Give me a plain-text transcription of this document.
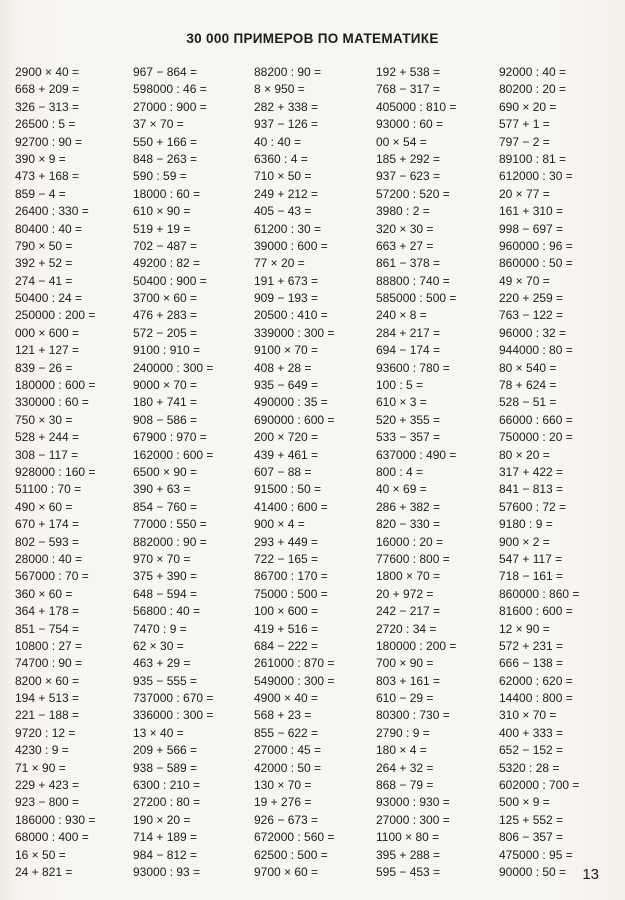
30 000 ПРИМЕРОВ ПО МАТЕМАТИКЕ
2900 × 40 =
668 + 209 =
326 − 313 =
26500 : 5 =
92700 : 90 =
390 × 9 =
473 + 168 =
859 − 4 =
26400 : 330 =
80400 : 40 =
790 × 50 =
392 + 52 =
274 − 41 =
50400 : 24 =
250000 : 200 =
000 × 600 =
121 + 127 =
839 − 26 =
180000 : 600 =
330000 : 60 =
750 × 30 =
528 + 244 =
308 − 117 =
928000 : 160 =
51100 : 70 =
490 × 60 =
670 + 174 =
802 − 593 =
28000 : 40 =
567000 : 70 =
360 × 60 =
364 + 178 =
851 − 754 =
10800 : 27 =
74700 : 90 =
8200 × 60 =
194 + 513 =
221 − 188 =
9720 : 12 =
4230 : 9 =
71 × 90 =
229 + 423 =
923 − 800 =
186000 : 930 =
68000 : 400 =
16 × 50 =
24 + 821 =
967 − 864 =
598000 : 46 =
27000 : 900 =
37 × 70 =
550 + 166 =
848 − 263 =
590 : 59 =
18000 : 60 =
610 × 90 =
519 + 19 =
702 − 487 =
49200 : 82 =
50400 : 900 =
3700 × 60 =
476 + 283 =
572 − 205 =
9100 : 910 =
240000 : 300 =
9000 × 70 =
180 + 741 =
908 − 586 =
67900 : 970 =
162000 : 600 =
6500 × 90 =
390 + 63 =
854 − 760 =
77000 : 550 =
882000 : 90 =
970 × 70 =
375 + 390 =
648 − 594 =
56800 : 40 =
7470 : 9 =
62 × 30 =
463 + 29 =
935 − 555 =
737000 : 670 =
336000 : 300 =
13 × 40 =
209 + 566 =
938 − 589 =
6300 : 210 =
27200 : 80 =
190 × 20 =
714 + 189 =
984 − 812 =
93000 : 93 =
88200 : 90 =
8 × 950 =
282 + 338 =
937 − 126 =
40 : 40 =
6360 : 4 =
710 × 50 =
249 + 212 =
405 − 43 =
61200 : 30 =
39000 : 600 =
77 × 20 =
191 + 673 =
909 − 193 =
20500 : 410 =
339000 : 300 =
9100 × 70 =
408 + 28 =
935 − 649 =
490000 : 35 =
690000 : 600 =
200 × 720 =
439 + 461 =
607 − 88 =
91500 : 50 =
41400 : 600 =
900 × 4 =
293 + 449 =
722 − 165 =
86700 : 170 =
75000 : 500 =
100 × 600 =
419 + 516 =
684 − 222 =
261000 : 870 =
549000 : 300 =
4900 × 40 =
568 + 23 =
855 − 622 =
27000 : 45 =
42000 : 50 =
130 × 70 =
19 + 276 =
926 − 673 =
672000 : 560 =
62500 : 500 =
9700 × 60 =
192 + 538 =
768 − 317 =
405000 : 810 =
93000 : 60 =
00 × 54 =
185 + 292 =
937 − 623 =
57200 : 520 =
3980 : 2 =
320 × 30 =
663 + 27 =
861 − 378 =
88800 : 740 =
585000 : 500 =
240 × 8 =
284 + 217 =
694 − 174 =
93600 : 780 =
100 : 5 =
610 × 3 =
520 + 355 =
533 − 357 =
637000 : 490 =
800 : 4 =
40 × 69 =
286 + 382 =
820 − 330 =
16000 : 20 =
77600 : 800 =
1800 × 70 =
20 + 972 =
242 − 217 =
2720 : 34 =
180000 : 200 =
700 × 90 =
803 + 161 =
610 − 29 =
80300 : 730 =
2790 : 9 =
180 × 4 =
264 + 32 =
868 − 79 =
93000 : 930 =
27000 : 300 =
1100 × 80 =
395 + 288 =
595 − 453 =
92000 : 40 =
80200 : 20 =
690 × 20 =
577 + 1 =
797 − 2 =
89100 : 81 =
612000 : 30 =
20 × 77 =
161 + 310 =
998 − 697 =
960000 : 96 =
860000 : 50 =
49 × 70 =
220 + 259 =
763 − 122 =
96000 : 32 =
944000 : 80 =
80 × 540 =
78 + 624 =
528 − 51 =
66000 : 660 =
750000 : 20 =
80 × 20 =
317 + 422 =
841 − 813 =
57600 : 72 =
9180 : 9 =
900 × 2 =
547 + 117 =
718 − 161 =
860000 : 860 =
81600 : 600 =
12 × 90 =
572 + 231 =
666 − 138 =
62000 : 620 =
14400 : 800 =
310 × 70 =
400 + 333 =
652 − 152 =
5320 : 28 =
602000 : 700 =
500 × 9 =
125 + 552 =
806 − 357 =
475000 : 95 =
90000 : 50 =	13
